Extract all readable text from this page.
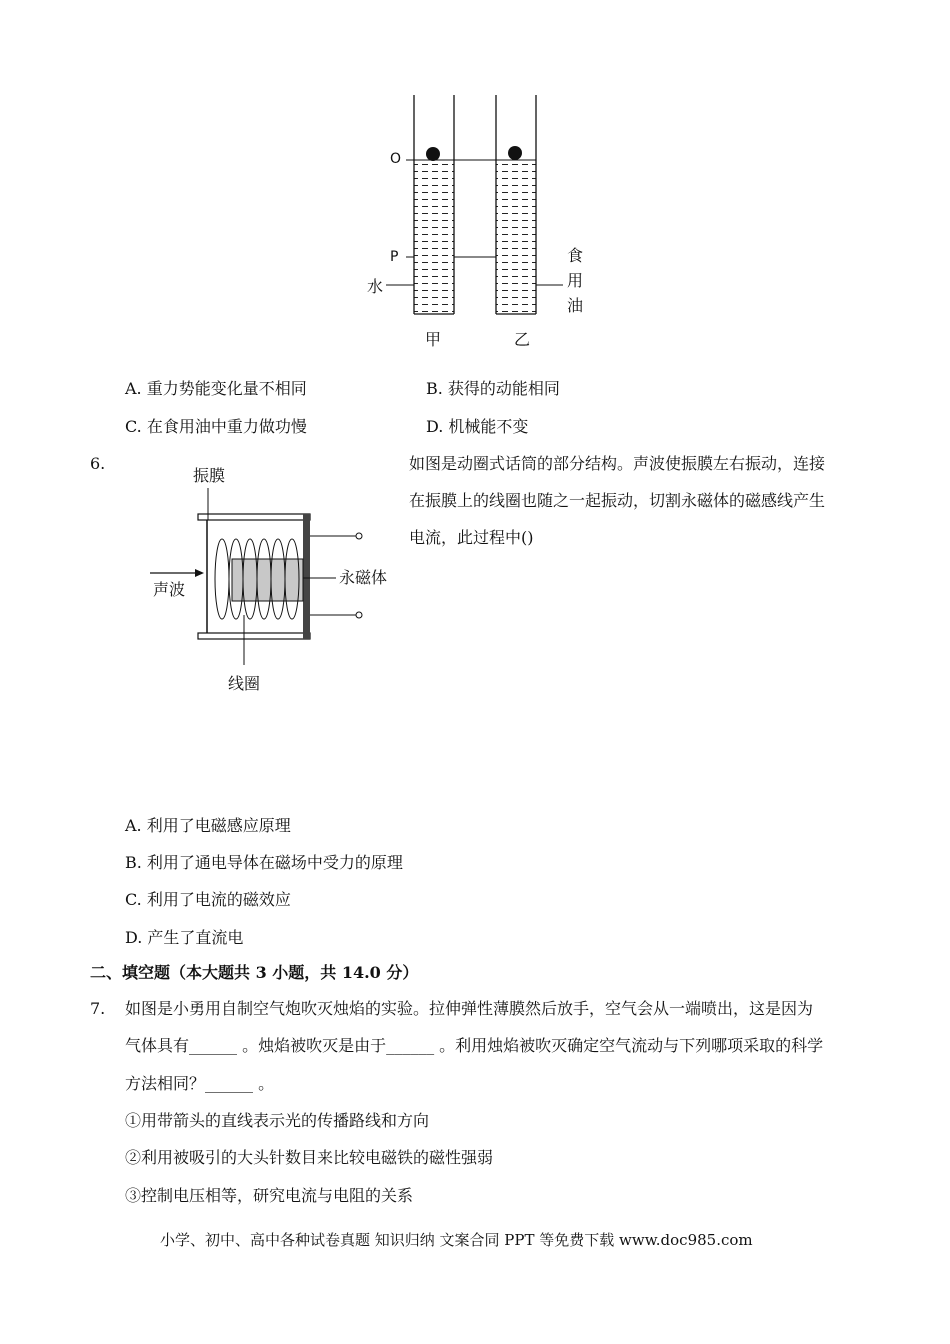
O
P
水
食
用
油
甲	乙
A. 重力势能变化量不相同	B. 获得的动能相同
C. 在食用油中重力做功慢	D. 机械能不变
6.	如图是动圈式话筒的部分结构。声波使振膜左右振动，连接
在振膜上的线圈也随之一起振动，切割永磁体的磁感线产生
电流，此过程中()
振膜
声波
永磁体
线圈
A. 利用了电磁感应原理
B. 利用了通电导体在磁场中受力的原理
C. 利用了电流的磁效应
D. 产生了直流电
二、填空题（本大题共 3 小题，共 14.0 分）
7. 如图是小勇用自制空气炮吹灭烛焰的实验。拉伸弹性薄膜然后放手，空气会从一端喷出，这是因为
气体具有______ 。烛焰被吹灭是由于______ 。利用烛焰被吹灭确定空气流动与下列哪项采取的科学
方法相同？______ 。
①用带箭头的直线表示光的传播路线和方向
②利用被吸引的大头针数目来比较电磁铁的磁性强弱
③控制电压相等，研究电流与电阻的关系
小学、初中、高中各种试卷真题 知识归纳 文案合同 PPT 等免费下载 www.doc985.com
